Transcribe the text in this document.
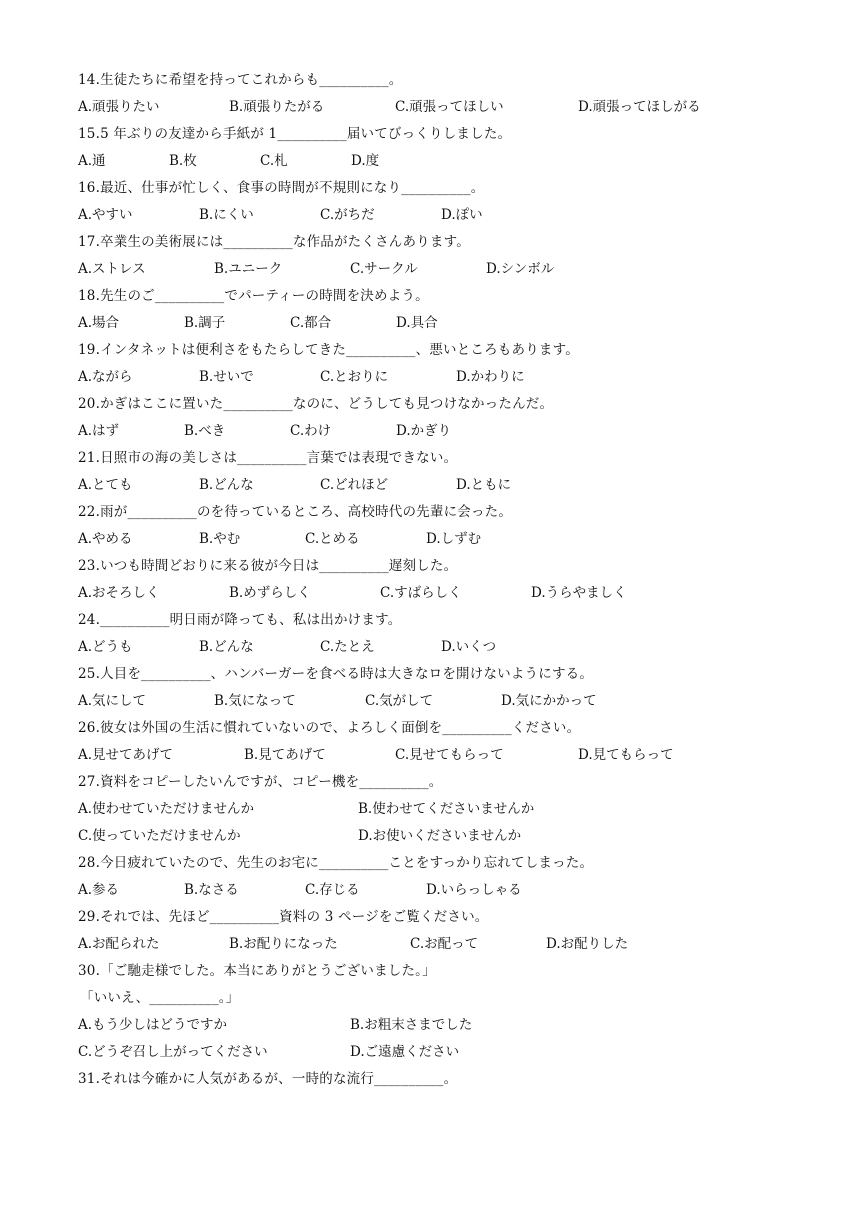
14.生徒たちに希望を持ってこれからも__________。
A.頑張りたい	B.頑張りたがる	C.頑張ってほしい	D.頑張ってほしがる
15.5 年ぶりの友達から手紙が 1__________届いてびっくりしました。
A.通	B.枚	C.札	D.度
16.最近、仕事が忙しく、食事の時間が不規則になり__________。
A.やすい	B.にくい	C.がちだ	D.ぽい
17.卒業生の美術展には__________な作品がたくさんあります。
A.ストレス	B.ユニーク	C.サークル	D.シンボル
18.先生のご__________でパーティーの時間を決めよう。
A.場合	B.調子	C.都合	D.具合
19.インタネットは便利さをもたらしてきた__________、悪いところもあります。
A.ながら	B.せいで	C.とおりに	D.かわりに
20.かぎはここに置いた__________なのに、どうしても見つけなかったんだ。
A.はず	B.べき	C.わけ	D.かぎり
21.日照市の海の美しさは__________言葉では表現できない。
A.とても	B.どんな	C.どれほど	D.ともに
22.雨が__________のを待っているところ、高校時代の先輩に会った。
A.やめる	B.やむ	C.とめる	D.しずむ
23.いつも時間どおりに来る彼が今日は__________遅刻した。
A.おそろしく	B.めずらしく	C.すばらしく	D.うらやましく
24.__________明日雨が降っても、私は出かけます。
A.どうも	B.どんな	C.たとえ	D.いくつ
25.人目を__________、ハンバーガーを食べる時は大きなロを開けないようにする。
A.気にして	B.気になって	C.気がして	D.気にかかって
26.彼女は外国の生活に慣れていないので、よろしく面倒を__________ください。
A.見せてあげて	B.見てあげて	C.見せてもらって	D.見てもらって
27.資料をコピーしたいんですが、コピー機を__________。
A.使わせていただけませんか	B.使わせてくださいませんか
C.使っていただけませんか	D.お使いくださいませんか
28.今日疲れていたので、先生のお宅に__________ことをすっかり忘れてしまった。
A.参る	B.なさる	C.存じる	D.いらっしゃる
29.それでは、先ほど__________資料の 3 ページをご覧ください。
A.お配られた	B.お配りになった	C.お配って	D.お配りした
30.「ご馳走様でした。本当にありがとうございました。」
「いいえ、__________。」
A.もう少しはどうですか	B.お粗末さまでした
C.どうぞ召し上がってください	D.ご遠慮ください
31.それは今確かに人気があるが、一時的な流行__________。
